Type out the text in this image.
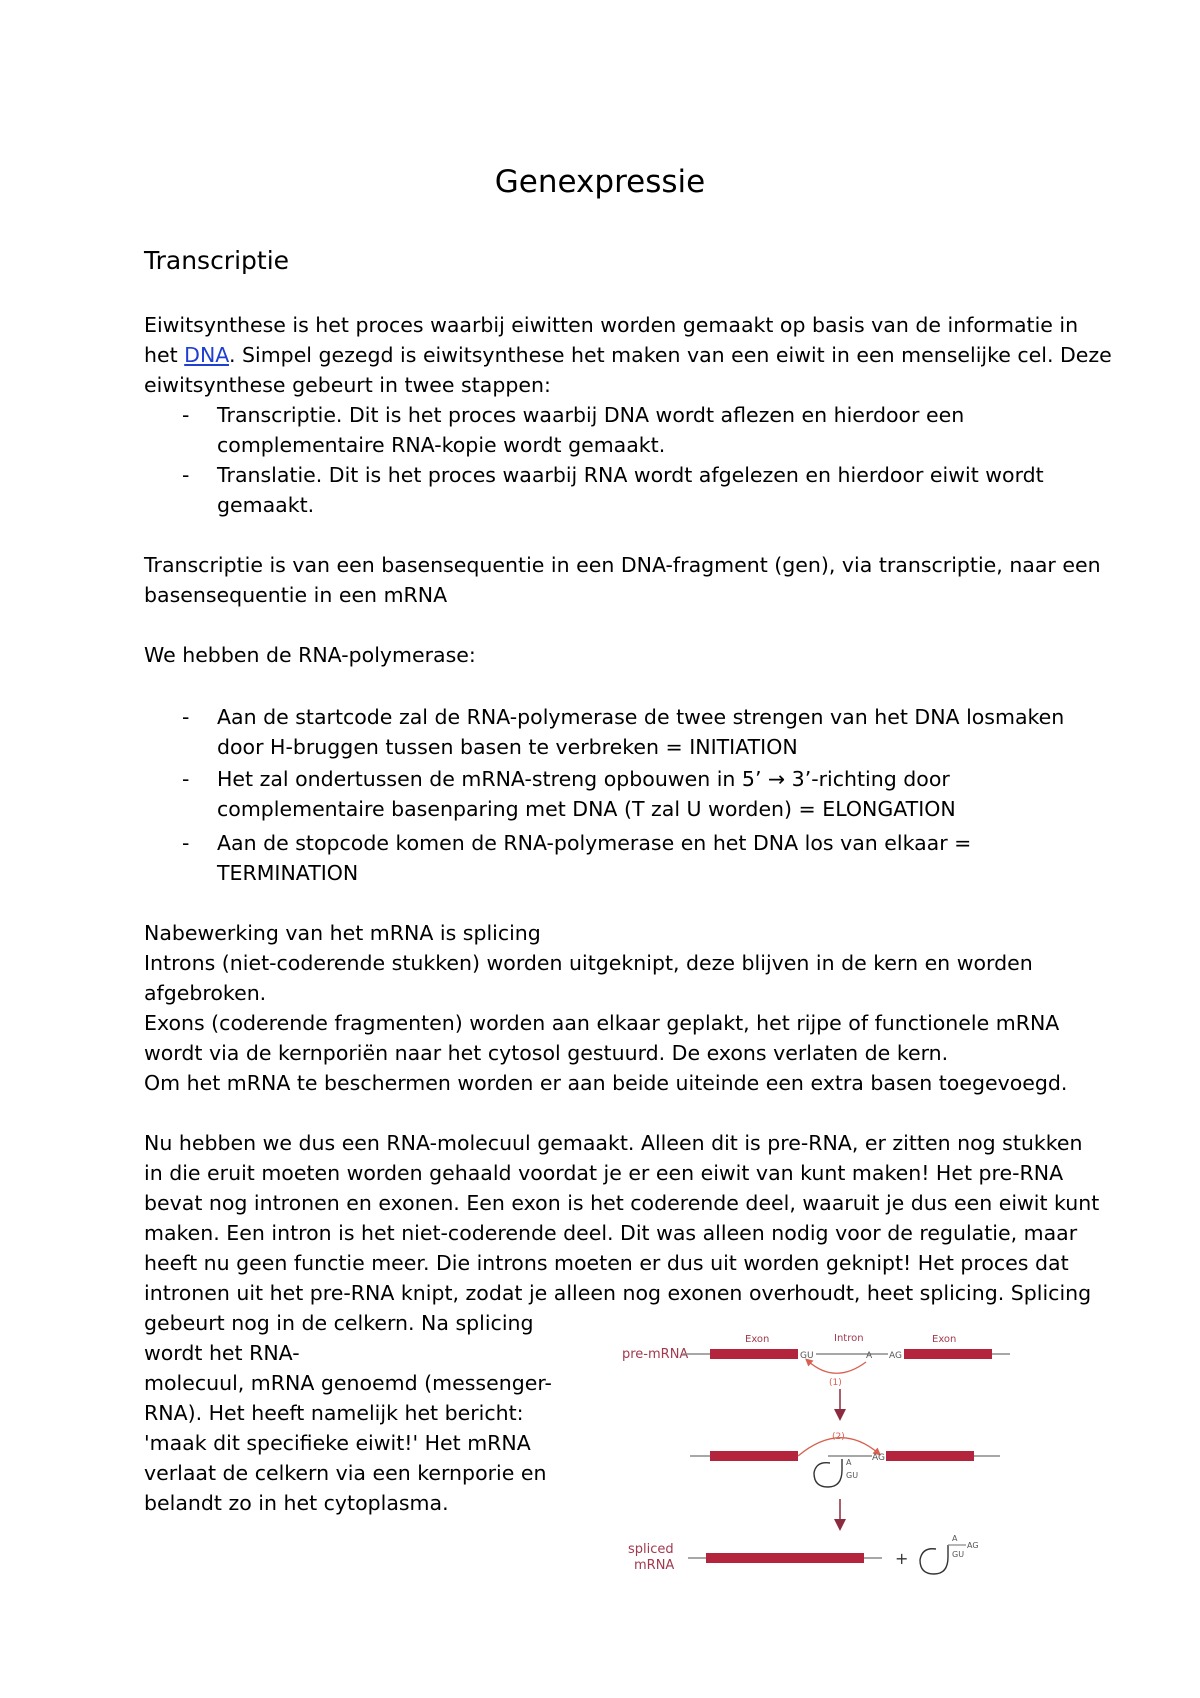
Genexpressie
Transcriptie
Eiwitsynthese is het proces waarbij eiwitten worden gemaakt op basis van de informatie in
het DNA. Simpel gezegd is eiwitsynthese het maken van een eiwit in een menselijke cel. Deze
eiwitsynthese gebeurt in twee stappen:
- Transcriptie. Dit is het proces waarbij DNA wordt aflezen en hierdoor een
complementaire RNA-kopie wordt gemaakt.
- Translatie. Dit is het proces waarbij RNA wordt afgelezen en hierdoor eiwit wordt
gemaakt.
Transcriptie is van een basensequentie in een DNA-fragment (gen), via transcriptie, naar een
basensequentie in een mRNA
We hebben de RNA-polymerase:
- Aan de startcode zal de RNA-polymerase de twee strengen van het DNA losmaken
door H-bruggen tussen basen te verbreken = INITIATION
- Het zal ondertussen de mRNA-streng opbouwen in 5’ → 3’-richting door
complementaire basenparing met DNA (T zal U worden) = ELONGATION
- Aan de stopcode komen de RNA-polymerase en het DNA los van elkaar =
TERMINATION
Nabewerking van het mRNA is splicing
Introns (niet-coderende stukken) worden uitgeknipt, deze blijven in de kern en worden
afgebroken.
Exons (coderende fragmenten) worden aan elkaar geplakt, het rijpe of functionele mRNA
wordt via de kernporiën naar het cytosol gestuurd. De exons verlaten de kern.
Om het mRNA te beschermen worden er aan beide uiteinde een extra basen toegevoegd.
Nu hebben we dus een RNA-molecuul gemaakt. Alleen dit is pre-RNA, er zitten nog stukken
in die eruit moeten worden gehaald voordat je er een eiwit van kunt maken! Het pre-RNA
bevat nog intronen en exonen. Een exon is het coderende deel, waaruit je dus een eiwit kunt
maken. Een intron is het niet-coderende deel. Dit was alleen nodig voor de regulatie, maar
heeft nu geen functie meer. Die introns moeten er dus uit worden geknipt! Het proces dat
intronen uit het pre-RNA knipt, zodat je alleen nog exonen overhoudt, heet splicing. Splicing
gebeurt nog in de celkern. Na splicing
wordt het RNA-
molecuul, mRNA genoemd (messenger-
RNA). Het heeft namelijk het bericht:
'maak dit specifieke eiwit!' Het mRNA
verlaat de celkern via een kernporie en
belandt zo in het cytoplasma.
pre-mRNA
Exon
GU
Intron
A AG
Exon
(1)
(2)
AG
A
GU
spliced
mRNA	+
A
AG
GU
